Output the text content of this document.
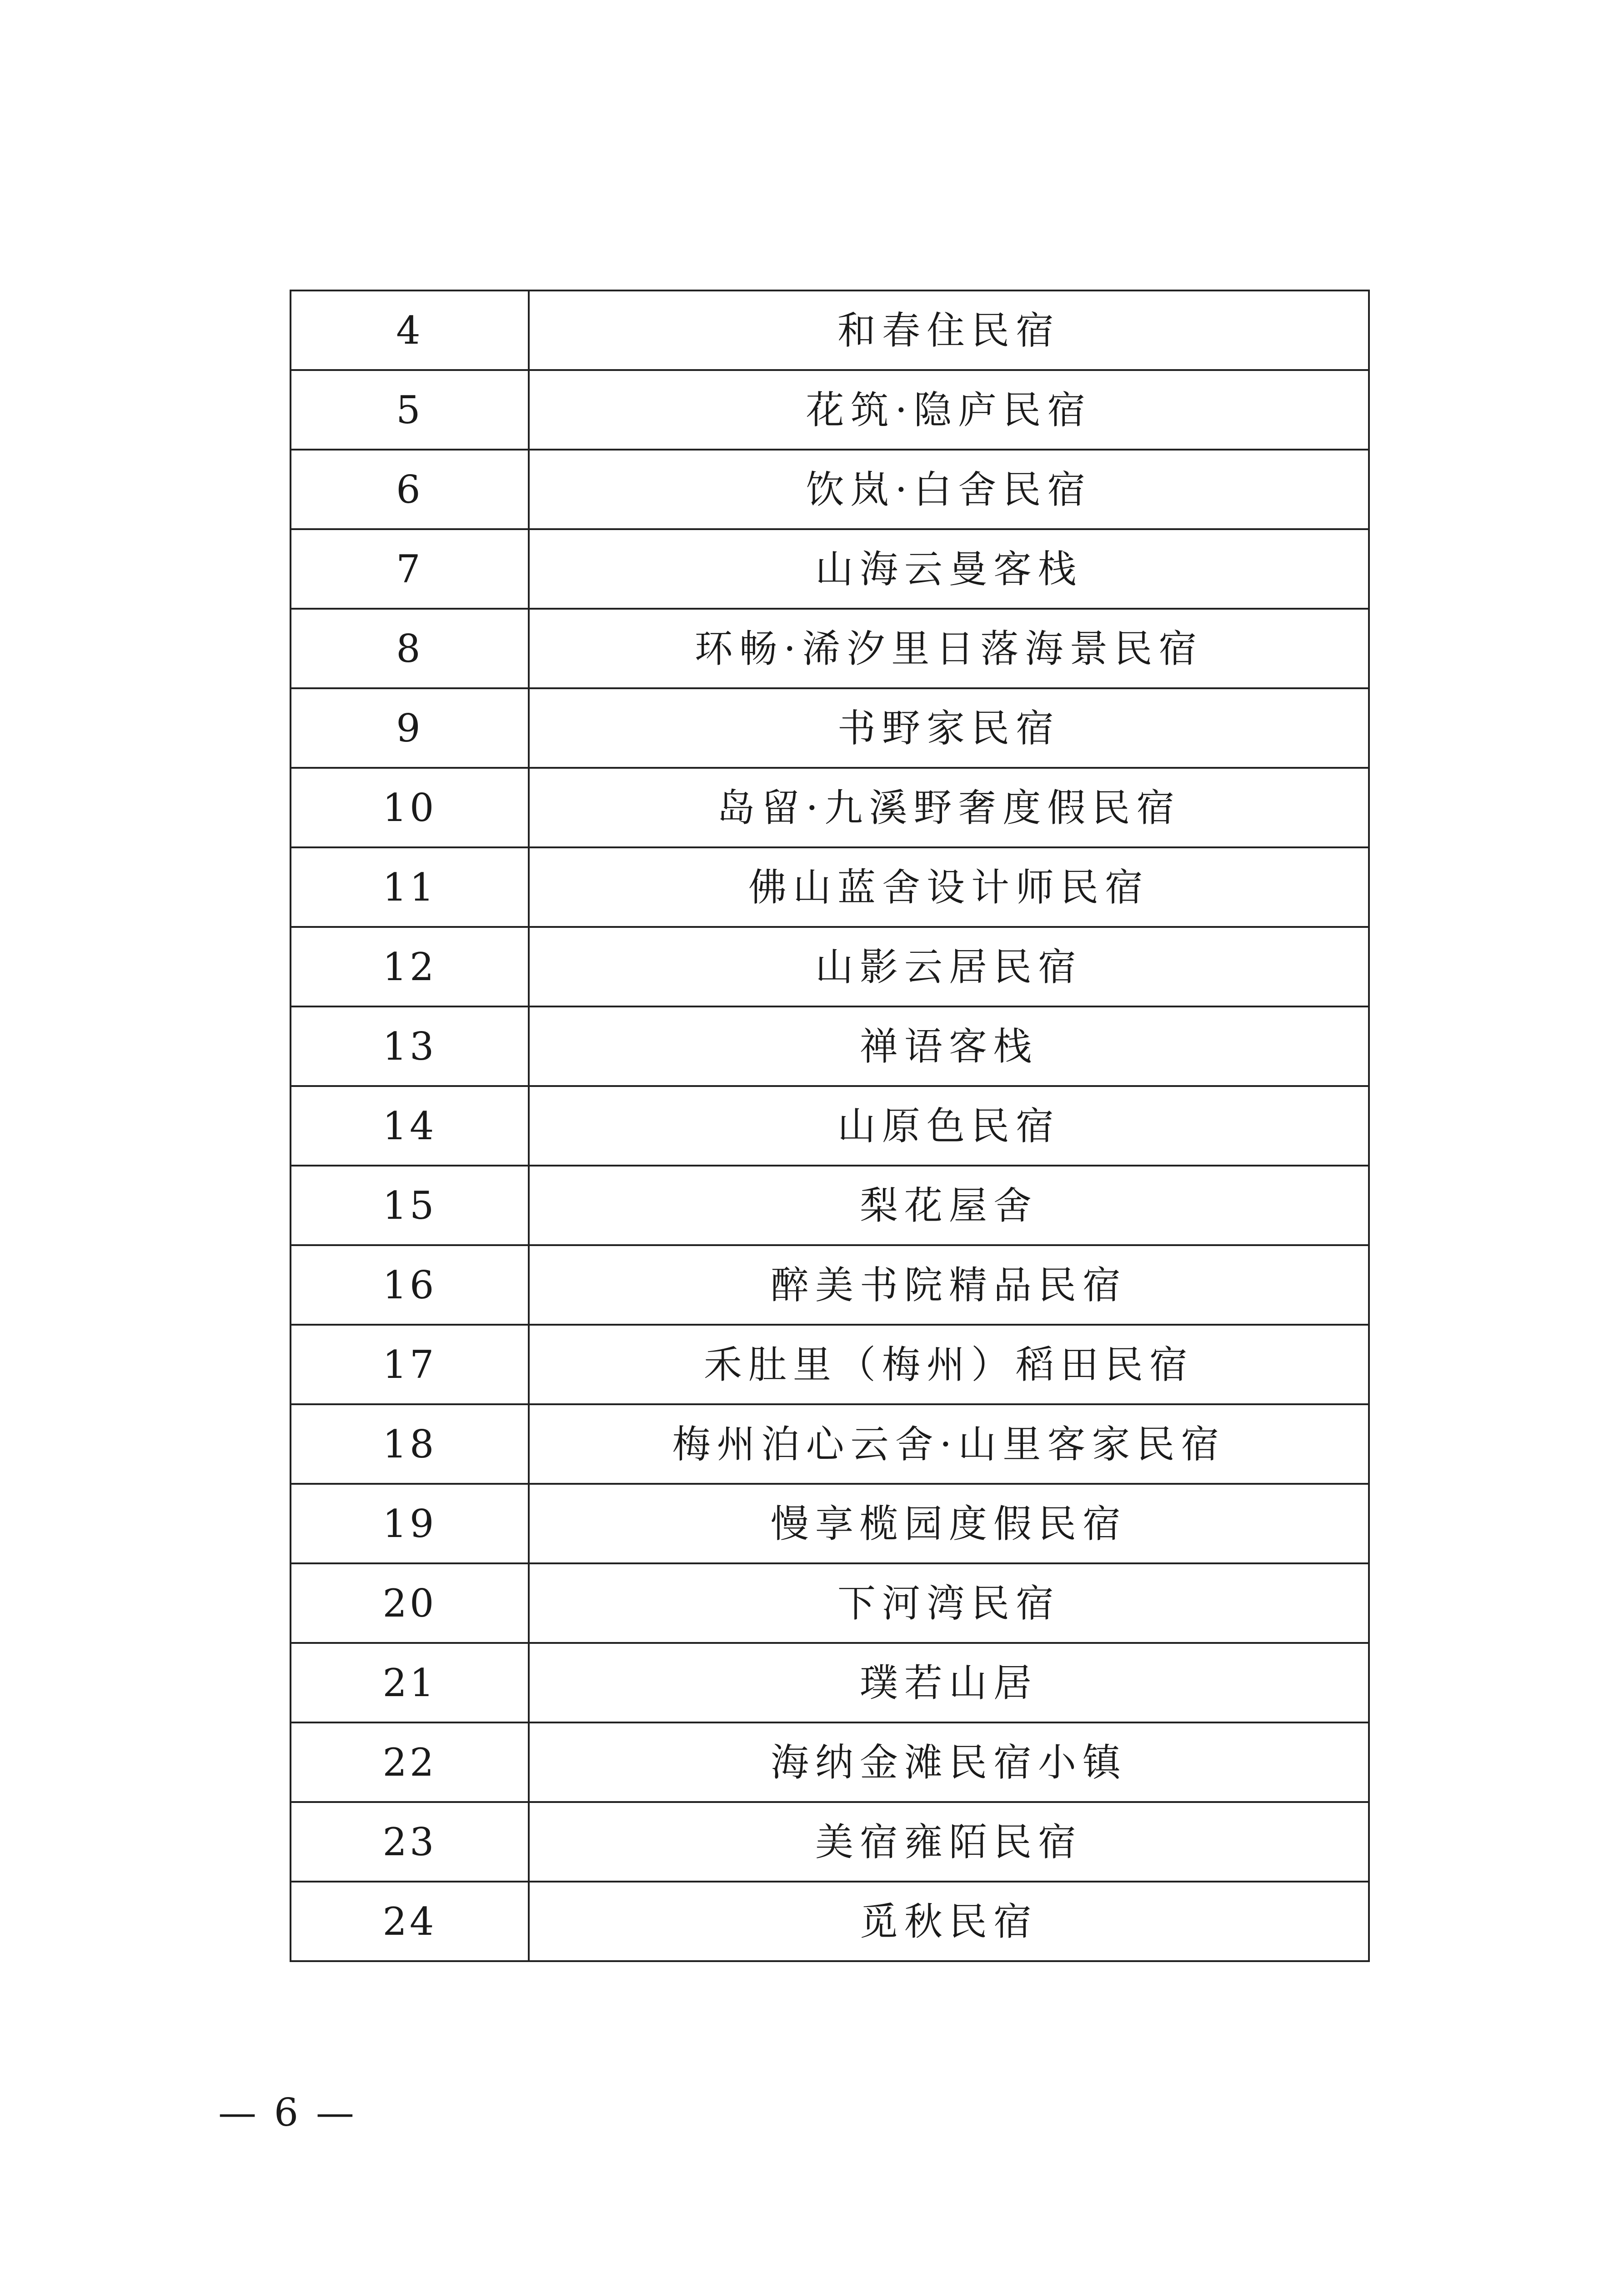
4	和春住民宿
5	花筑·隐庐民宿
6	饮岚·白舍民宿
7	山海云曼客栈
8	环畅·浠汐里日落海景民宿
9	书野家民宿
10	岛留·九溪野奢度假民宿
11	佛山蓝舍设计师民宿
12	山影云居民宿
13	禅语客栈
14	山原色民宿
15	梨花屋舍
16	醉美书院精品民宿
17	禾肚里（梅州）稻田民宿
18	梅州泊心云舍·山里客家民宿
19	慢享榄园度假民宿
20	下河湾民宿
21	璞若山居
22	海纳金滩民宿小镇
23	美宿雍陌民宿
24	觅秋民宿
— 6 —
